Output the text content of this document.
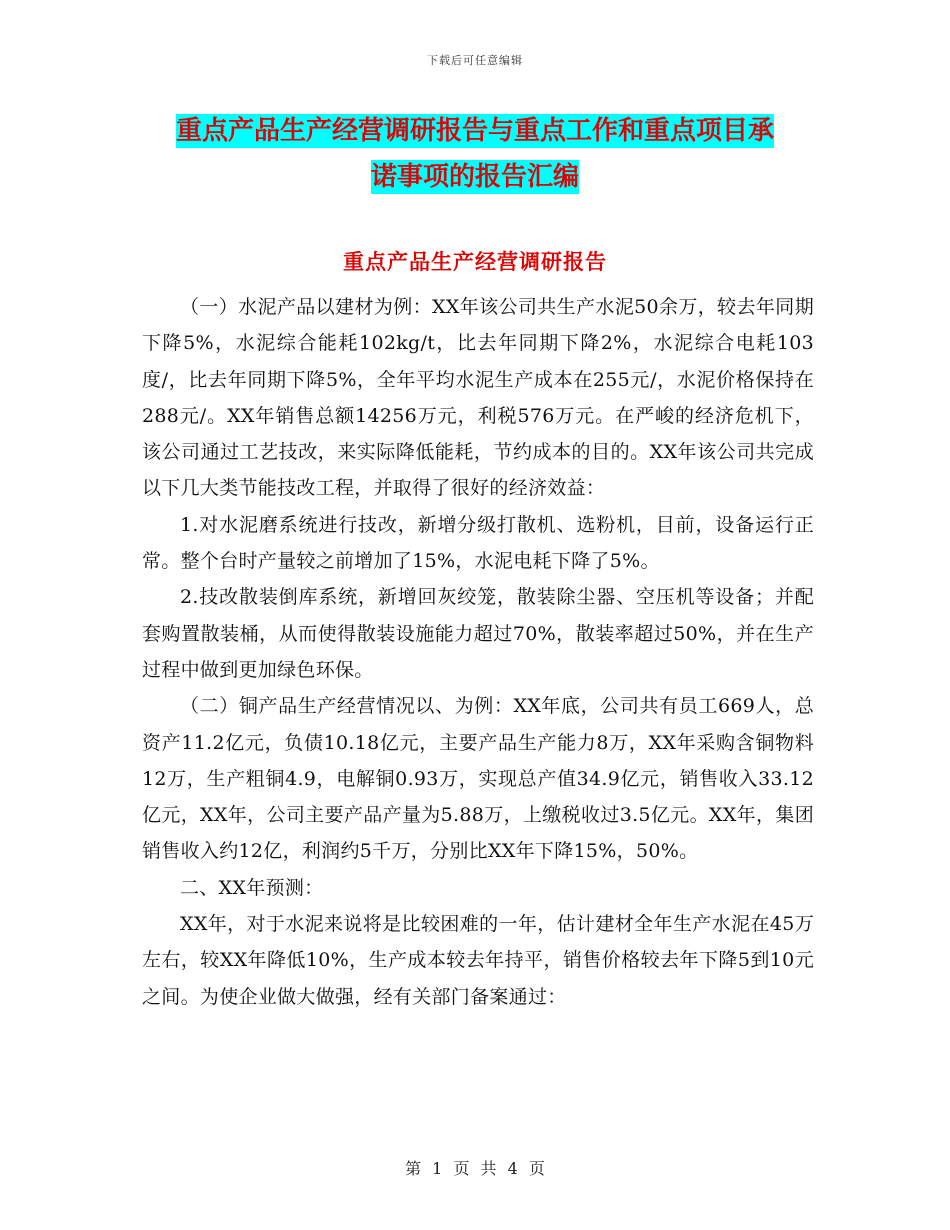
下载后可任意编辑
重点产品生产经营调研报告与重点工作和重点项目承
诺事项的报告汇编
重点产品生产经营调研报告

（一）水泥产品以建材为例：XX年该公司共生产水泥50余万，较去年同期下降5%，水泥综合能耗102kg/t，比去年同期下降2%，水泥综合电耗103度/，比去年同期下降5%，全年平均水泥生产成本在255元/，水泥价格保持在288元/。XX年销售总额14256万元，利税576万元。在严峻的经济危机下，该公司通过工艺技改，来实际降低能耗，节约成本的目的。XX年该公司共完成以下几大类节能技改工程，并取得了很好的经济效益：

1.对水泥磨系统进行技改，新增分级打散机、选粉机，目前，设备运行正常。整个台时产量较之前增加了15%，水泥电耗下降了5%。

2.技改散装倒库系统，新增回灰绞笼，散装除尘器、空压机等设备；并配套购置散装桶，从而使得散装设施能力超过70%，散装率超过50%，并在生产过程中做到更加绿色环保。

（二）铜产品生产经营情况以、为例：XX年底，公司共有员工669人，总资产11.2亿元，负债10.18亿元，主要产品生产能力8万，XX年采购含铜物料12万，生产粗铜4.9，电解铜0.93万，实现总产值34.9亿元，销售收入33.12亿元，XX年，公司主要产品产量为5.88万，上缴税收过3.5亿元。XX年，集团销售收入约12亿，利润约5千万，分别比XX年下降15%，50%。

二、XX年预测：

XX年，对于水泥来说将是比较困难的一年，估计建材全年生产水泥在45万左右，较XX年降低10%，生产成本较去年持平，销售价格较去年下降5到10元之间。为使企业做大做强，经有关部门备案通过：

第 1 页 共 4 页
